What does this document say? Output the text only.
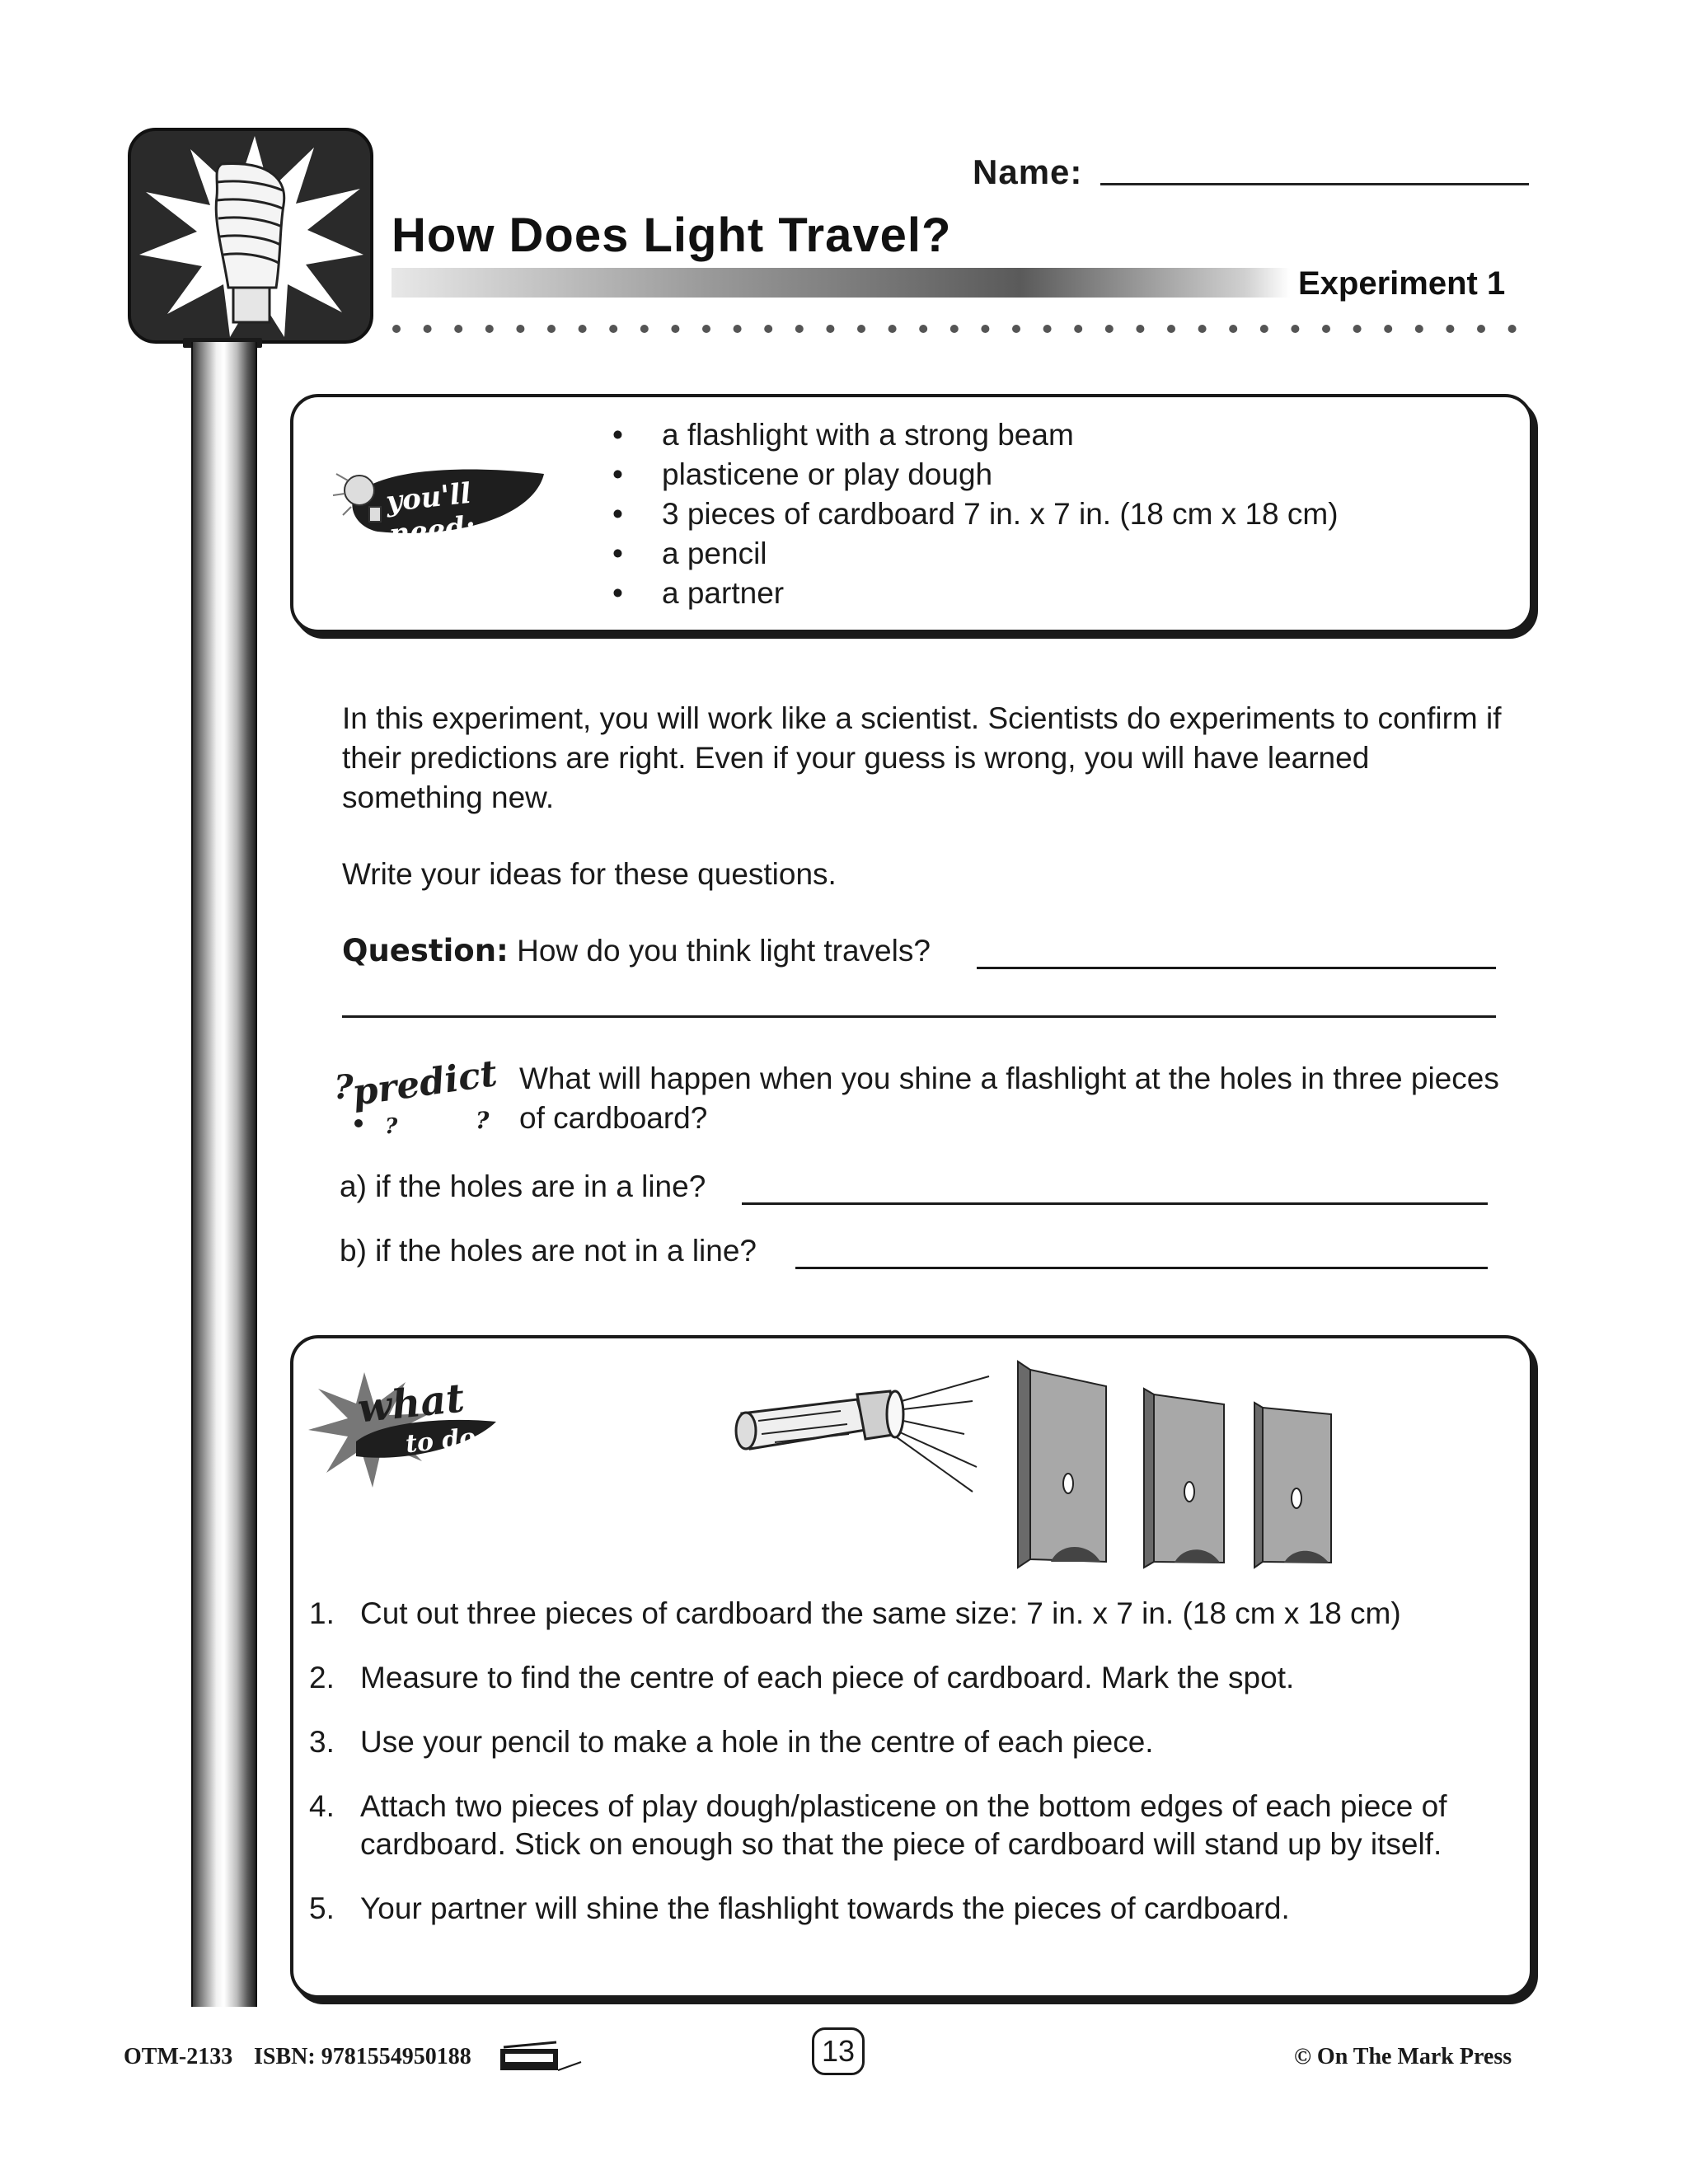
Name:
How Does Light Travel?
Experiment 1
you'll need:
• a flashlight with a strong beam
• plasticene or play dough
• 3 pieces of cardboard 7 in. x 7 in. (18 cm x 18 cm)
• a pencil
• a partner
In this experiment, you will work like a scientist. Scientists do experiments to confirm if their predictions are right. Even if your guess is wrong, you will have learned something new.
Write your ideas for these questions.
Question: How do you think light travels?
?
?	?
predict What will happen when you shine a flashlight at the holes in three pieces of cardboard?
a) if the holes are in a line?
b) if the holes are not in a line?
what
to do
1. Cut out three pieces of cardboard the same size: 7 in. x 7 in. (18 cm x 18 cm)
2. Measure to find the centre of each piece of cardboard. Mark the spot.
3. Use your pencil to make a hole in the centre of each piece.
4. Attach two pieces of play dough/plasticene on the bottom edges of each piece of cardboard. Stick on enough so that the piece of cardboard will stand up by itself.
5. Your partner will shine the flashlight towards the pieces of cardboard.
OTM-2133 ISBN: 9781554950188	13	© On The Mark Press
